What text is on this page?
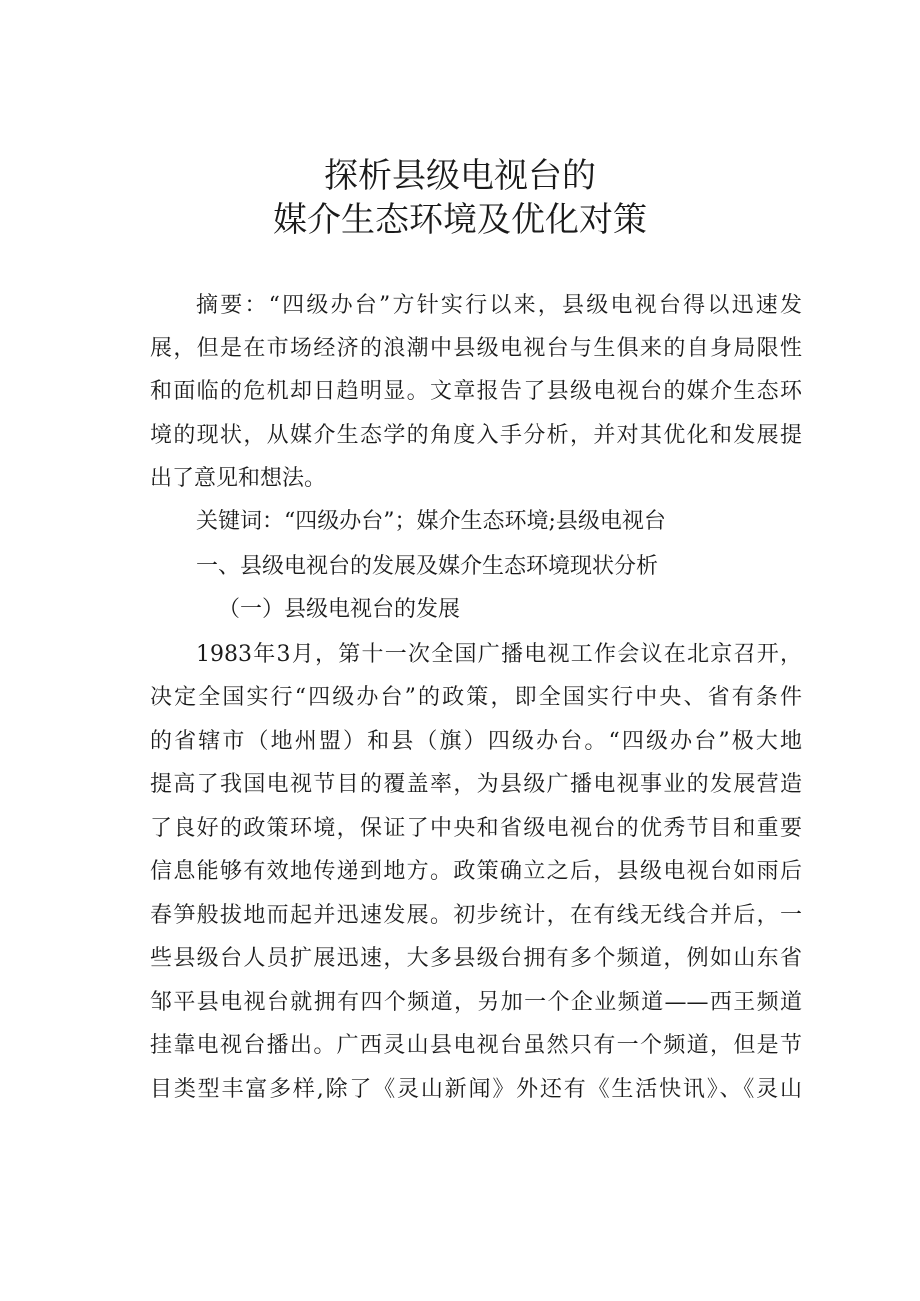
探析县级电视台的
媒介生态环境及优化对策
摘要：“四级办台”方针实行以来，县级电视台得以迅速发
展，但是在市场经济的浪潮中县级电视台与生俱来的自身局限性
和面临的危机却日趋明显。文章报告了县级电视台的媒介生态环
境的现状，从媒介生态学的角度入手分析，并对其优化和发展提
出了意见和想法。
关键词：“四级办台”；媒介生态环境;县级电视台
一、县级电视台的发展及媒介生态环境现状分析
（一）县级电视台的发展
1983年3月，第十一次全国广播电视工作会议在北京召开，
决定全国实行“四级办台”的政策，即全国实行中央、省有条件
的省辖市（地州盟）和县（旗）四级办台。“四级办台”极大地
提高了我国电视节目的覆盖率，为县级广播电视事业的发展营造
了良好的政策环境，保证了中央和省级电视台的优秀节目和重要
信息能够有效地传递到地方。政策确立之后，县级电视台如雨后
春笋般拔地而起并迅速发展。初步统计，在有线无线合并后，一
些县级台人员扩展迅速，大多县级台拥有多个频道，例如山东省
邹平县电视台就拥有四个频道，另加一个企业频道——西王频道
挂靠电视台播出。广西灵山县电视台虽然只有一个频道，但是节
目类型丰富多样,除了《灵山新闻》外还有《生活快讯》、《灵山
